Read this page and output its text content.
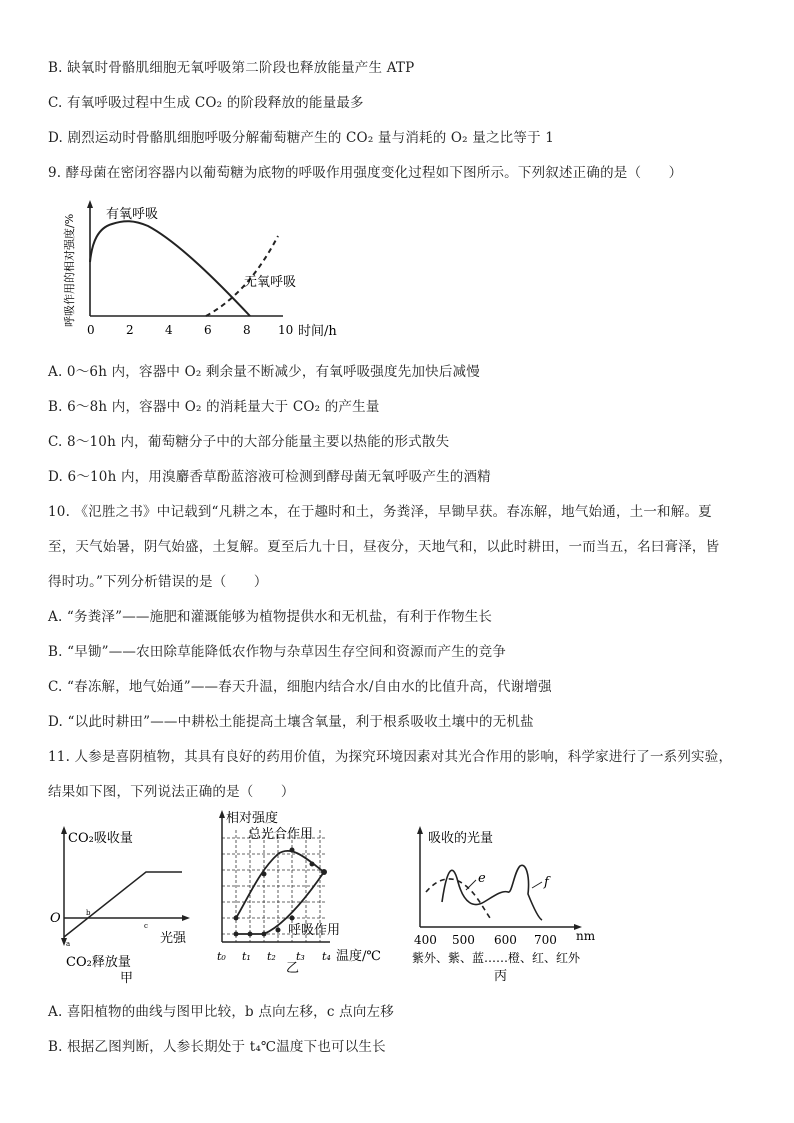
B. 缺氧时骨骼肌细胞无氧呼吸第二阶段也释放能量产生 ATP
C. 有氧呼吸过程中生成 CO₂ 的阶段释放的能量最多
D. 剧烈运动时骨骼肌细胞呼吸分解葡萄糖产生的 CO₂ 量与消耗的 O₂ 量之比等于 1
9. 酵母菌在密闭容器内以葡萄糖为底物的呼吸作用强度变化过程如下图所示。下列叙述正确的是（　　）
有氧呼吸
无氧呼吸
呼吸作用的相对强度/%
0	2	4	6	8 10 时间/h
A. 0～6h 内，容器中 O₂ 剩余量不断减少，有氧呼吸强度先加快后减慢
B. 6～8h 内，容器中 O₂ 的消耗量大于 CO₂ 的产生量
C. 8～10h 内，葡萄糖分子中的大部分能量主要以热能的形式散失
D. 6～10h 内，用溴麝香草酚蓝溶液可检测到酵母菌无氧呼吸产生的酒精
10. 《氾胜之书》中记载到“凡耕之本，在于趣时和土，务粪泽，早锄早获。春冻解，地气始通，土一和解。夏
至，天气始暑，阴气始盛，土复解。夏至后九十日，昼夜分，天地气和，以此时耕田，一而当五，名曰膏泽，皆
得时功。”下列分析错误的是（　　）
A. “务粪泽”——施肥和灌溉能够为植物提供水和无机盐，有利于作物生长
B. “早锄”——农田除草能降低农作物与杂草因生存空间和资源而产生的竞争
C. “春冻解，地气始通”——春天升温，细胞内结合水/自由水的比值升高，代谢增强
D. “以此时耕田”——中耕松土能提高土壤含氧量，利于根系吸收土壤中的无机盐
11. 人参是喜阴植物，其具有良好的药用价值，为探究环境因素对其光合作用的影响，科学家进行了一系列实验，
结果如下图，下列说法正确的是（　　）
CO₂吸收量
O
a
b
c
光强
CO₂释放量
甲
相对强度
总光合作用
呼吸作用
t₀ t₁ t₂ t₃ t₄ 温度/℃
乙
吸收的光量
e	f
400 500 600 700 nm
紫外、紫、蓝……橙、红、红外
丙
A. 喜阳植物的曲线与图甲比较，b 点向左移，c 点向左移
B. 根据乙图判断，人参长期处于 t₄℃温度下也可以生长
